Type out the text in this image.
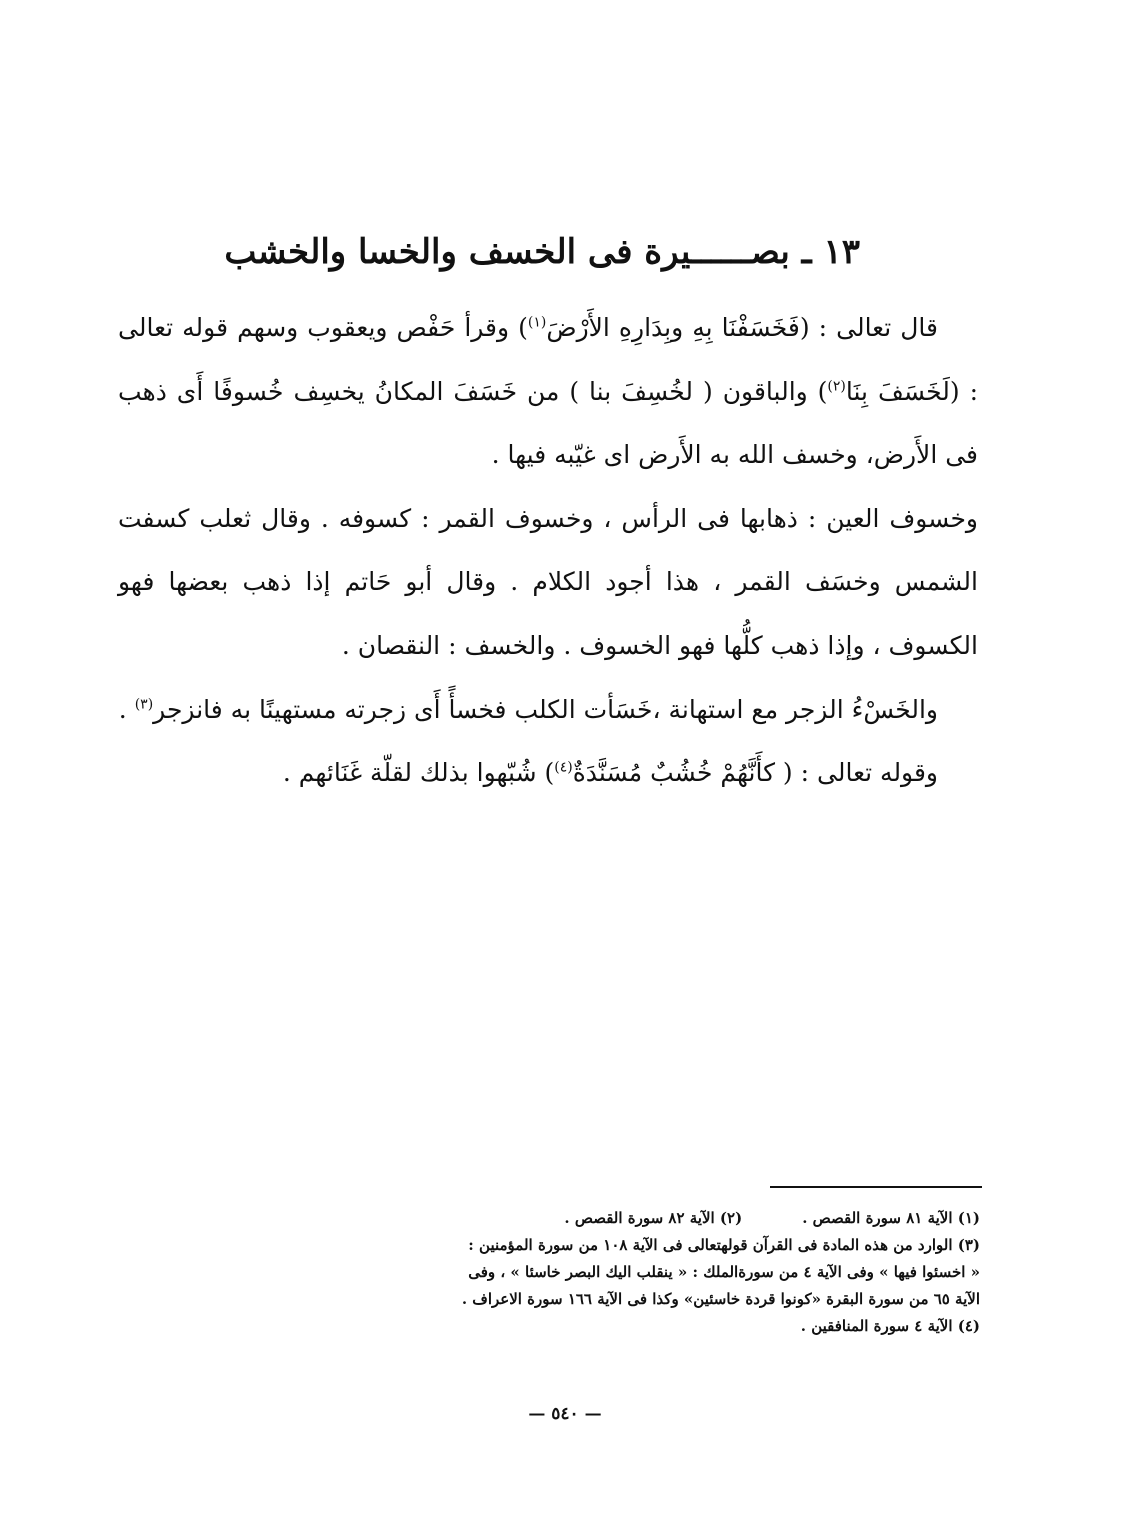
١٣ ـ بصــــــيرة فى الخسف والخسا والخشب

قال تعالى : (فَخَسَفْنَا بِهِ وبِدَارِهِ الأَرْضَ$^{(١)}$) وقرأ حَفْص ويعقوب وسهم قوله تعالى : (لَخَسَفَ بِنَا$^{(٢)}$) والباقون ( لخُسِفَ بنا ) من خَسَفَ المكانُ يخسِف خُسوفًا أَى ذهب فى الأَرض، وخسف الله به الأَرض اى غيّبه فيها .

وخسوف العين : ذهابها فى الرأس ، وخسوف القمر : كسوفه . وقال ثعلب كسفت الشمس وخسَف القمر ، هذا أجود الكلام . وقال أبو حَاتم إذا ذهب بعضها فهو الكسوف ، وإذا ذهب كلُّها فهو الخسوف . والخسف : النقصان .

والخَسْءُ الزجر مع استهانة ،خَسَأت الكلب فخسأً أَى زجرته مستهينًا به فانزجر$^{(٣)}$ .

وقوله تعالى : ( كأَنَّهُمْ خُشُبٌ مُسَنَّدَةٌ$^{(٤)}$) شُبّهوا بذلك لقلّة غَنَائهم .

(١) الآية ٨١ سورة القصص .
(٢) الآية ٨٢ سورة القصص .

(٣) الوارد من هذه المادة فى القرآن قولهتعالى فى الآية ١٠٨ من سورة المؤمنين :

« اخسئوا فيها » وفى الآية ٤ من سورةالملك : « ينقلب اليك البصر خاسئا » ، وفى

الآية ٦٥ من سورة البقرة «كونوا قردة خاسئين» وكذا فى الآية ١٦٦ سورة الاعراف .

(٤) الآية ٤ سورة المنافقين .

— ٥٤٠ —
